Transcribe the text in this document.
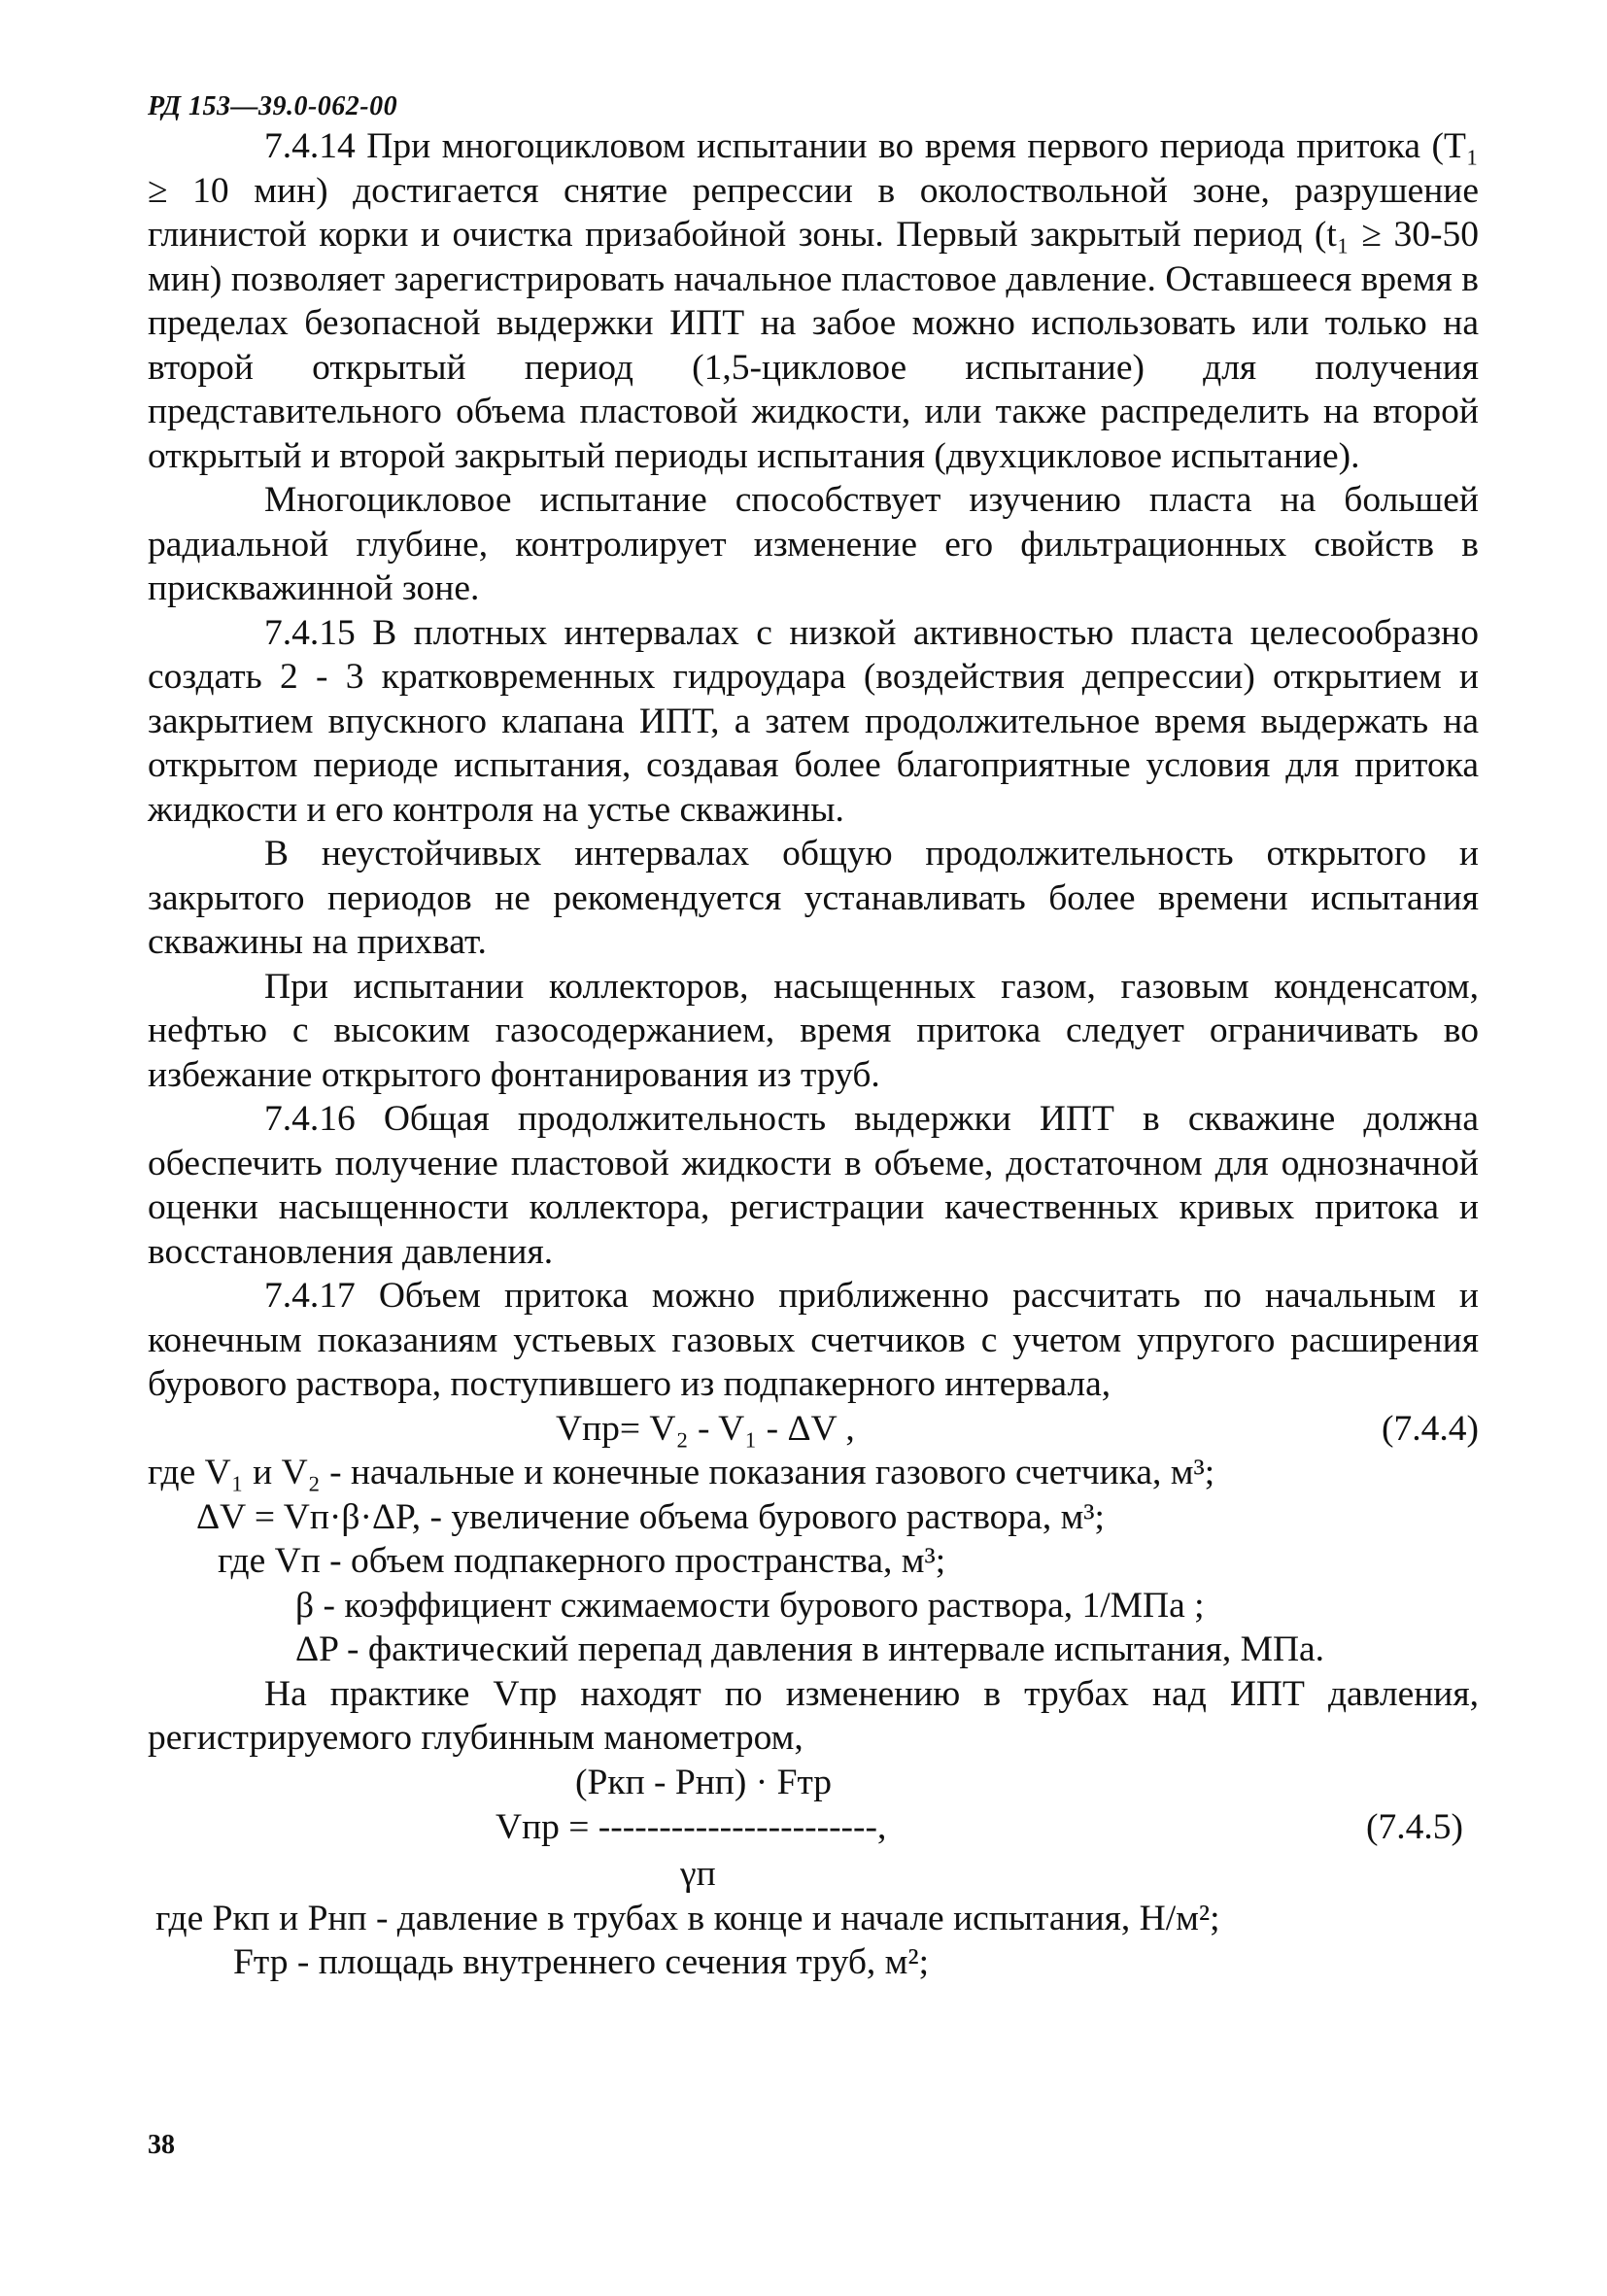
РД 153—39.0-062-00

7.4.14 При многоцикловом испытании во время первого периода притока (T₁ ≥ 10 мин) достигается снятие репрессии в околоствольной зоне, разрушение глинистой корки и очистка призабойной зоны. Первый закрытый период (t₁ ≥ 30-50 мин) позволяет зарегистрировать начальное пластовое давление. Оставшееся время в пределах безопасной выдержки ИПТ на забое можно использовать или только на второй открытый период (1,5-цикловое испытание) для получения представительного объема пластовой жидкости, или также распределить на второй открытый и второй закрытый периоды испытания (двухцикловое испытание).

Многоцикловое испытание способствует изучению пласта на большей радиальной глубине, контролирует изменение его фильтрационных свойств в прискважинной зоне.

7.4.15 В плотных интервалах с низкой активностью пласта целесообразно создать 2 - 3 кратковременных гидроудара (воздействия депрессии) открытием и закрытием впускного клапана ИПТ, а затем продолжительное время выдержать на открытом периоде испытания, создавая более благоприятные условия для притока жидкости и его контроля на устье скважины.

В неустойчивых интервалах общую продолжительность открытого и закрытого периодов не рекомендуется устанавливать более времени испытания скважины на прихват.

При испытании коллекторов, насыщенных газом, газовым конденсатом, нефтью с высоким газосодержанием, время притока следует ограничивать во избежание открытого фонтанирования из труб.

7.4.16 Общая продолжительность выдержки ИПТ в скважине должна обеспечить получение пластовой жидкости в объеме, достаточном для однозначной оценки насыщенности коллектора, регистрации качественных кривых притока и восстановления давления.

7.4.17 Объем притока можно приближенно рассчитать по начальным и конечным показаниям устьевых газовых счетчиков с учетом упругого расширения бурового раствора, поступившего из подпакерного интервала,

Vпр= V₂ - V₁ - ΔV ,	(7.4.4)
где V₁ и V₂ - начальные и конечные показания газового счетчика, м³;
ΔV = Vп·β·ΔP, - увеличение объема бурового раствора, м³;
где Vп - объем подпакерного пространства, м³;
β - коэффициент сжимаемости бурового раствора, 1/МПа ;
ΔP - фактический перепад давления в интервале испытания, МПа.

На практике Vпр находят по изменению в трубах над ИПТ давления, регистрируемого глубинным манометром,

(Pкп - Pнп) · Fтр
Vпр = -----------------------,
γп
(7.4.5)
где Pкп и Pнп - давление в трубах в конце и начале испытания, Н/м²;
Fтр - площадь внутреннего сечения труб, м²;
38
